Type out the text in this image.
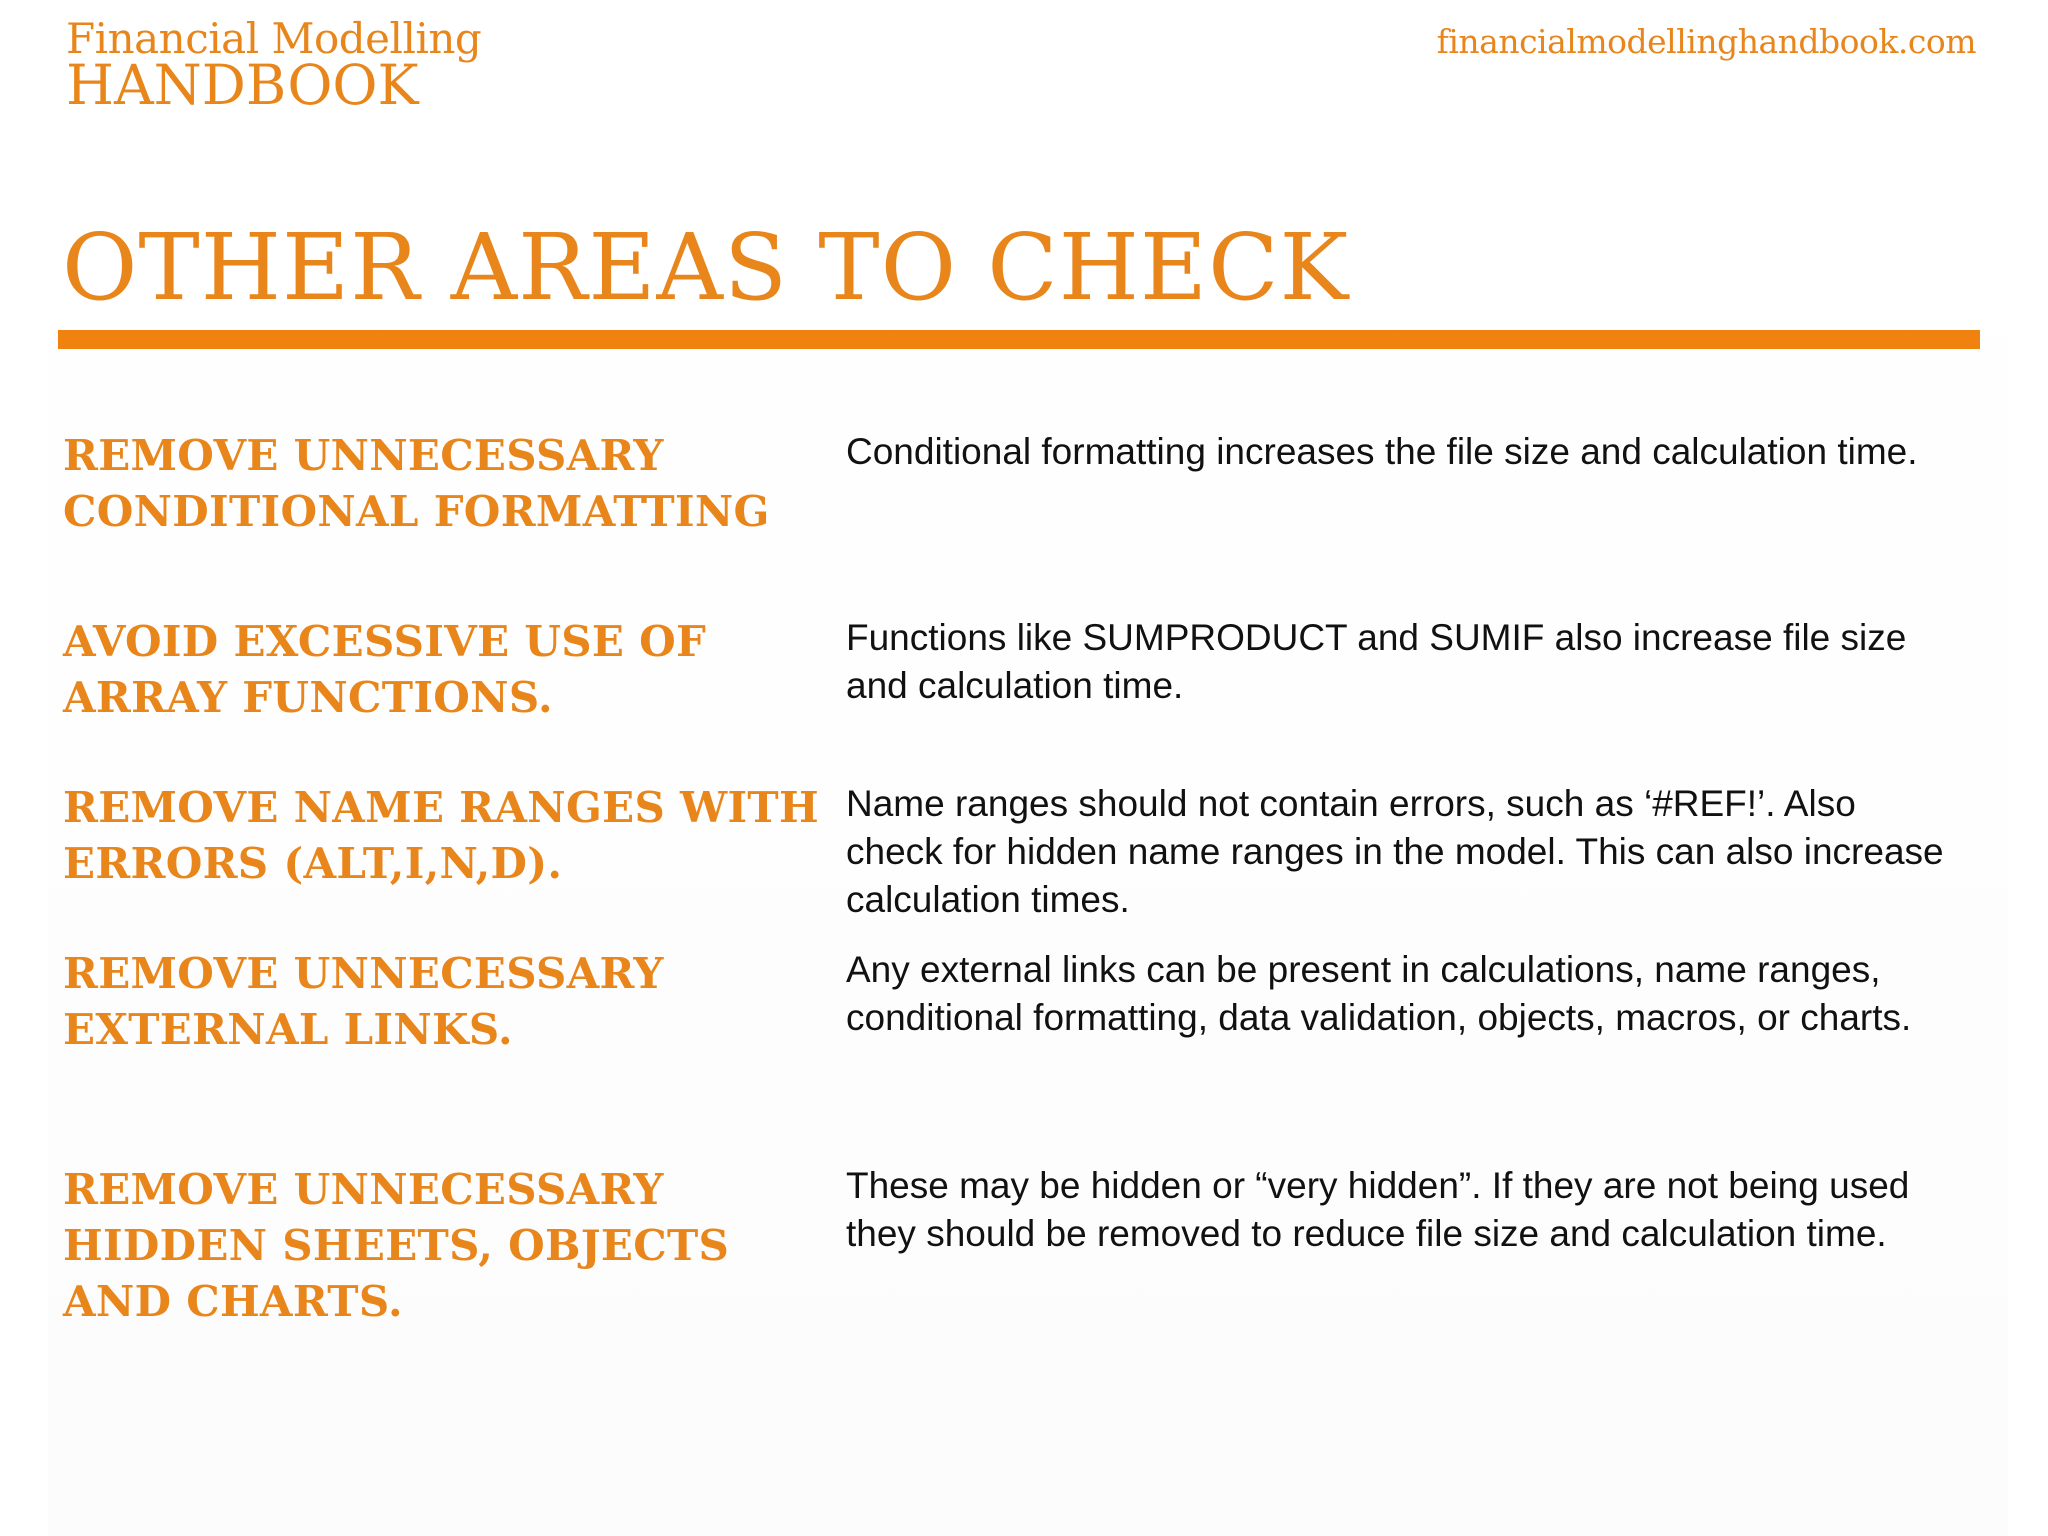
Financial Modelling
HANDBOOK
financialmodellinghandbook.com
OTHER AREAS TO CHECK
REMOVE UNNECESSARY CONDITIONAL FORMATTING

Conditional formatting increases the file size and calculation time.

AVOID EXCESSIVE USE OF ARRAY FUNCTIONS.

Functions like SUMPRODUCT and SUMIF also increase file size and calculation time.

REMOVE NAME RANGES WITH ERRORS (ALT,I,N,D).

Name ranges should not contain errors, such as ‘#REF!’. Also check for hidden name ranges in the model. This can also increase calculation times.

REMOVE UNNECESSARY EXTERNAL LINKS.

Any external links can be present in calculations, name ranges, conditional formatting, data validation, objects, macros, or charts.

REMOVE UNNECESSARY HIDDEN SHEETS, OBJECTS AND CHARTS.

These may be hidden or “very hidden”. If they are not being used they should be removed to reduce file size and calculation time.
